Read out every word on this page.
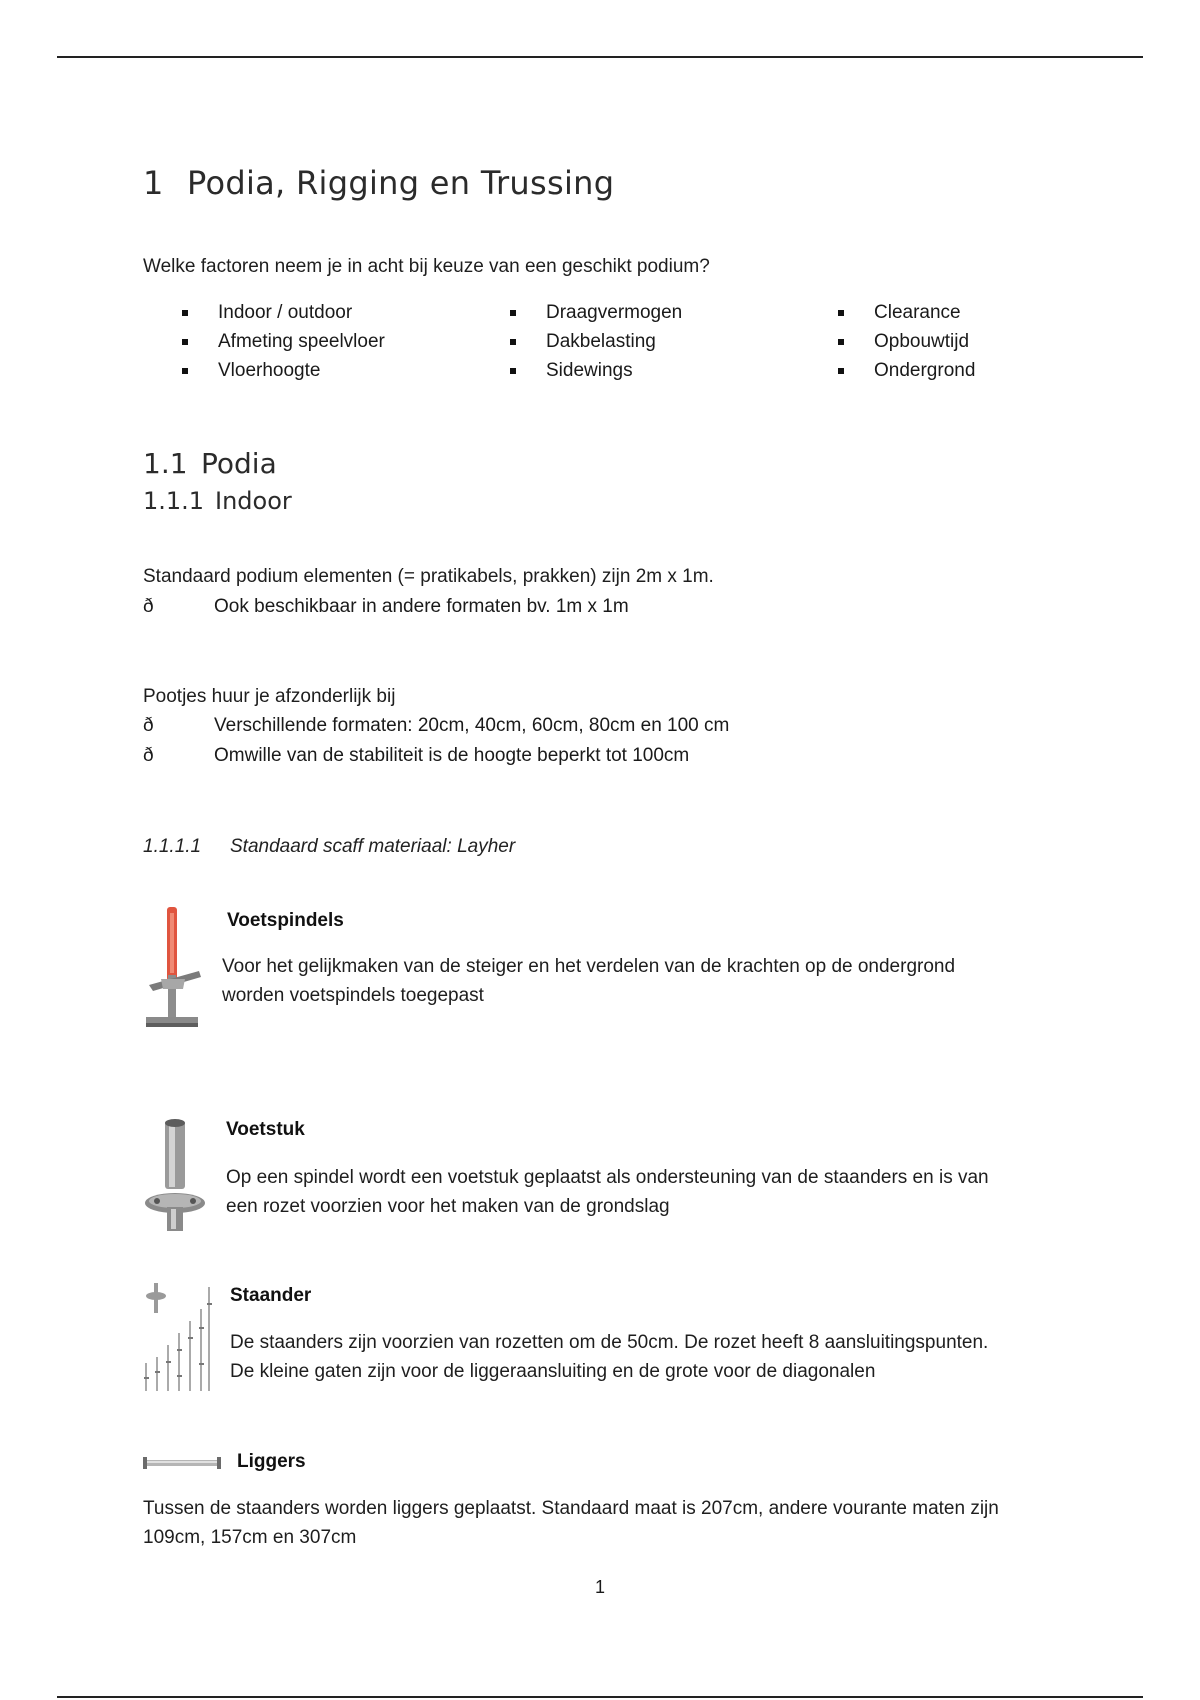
1 Podia, Rigging en Trussing
Welke factoren neem je in acht bij keuze van een geschikt podium?
Indoor / outdoor
Afmeting speelvloer
Vloerhoogte
Draagvermogen
Dakbelasting
Sidewings
Clearance
Opbouwtijd
Ondergrond
1.1 Podia
1.1.1 Indoor
Standaard podium elementen (= pratikabels, prakken) zijn 2m x 1m.
ð	Ook beschikbaar in andere formaten bv. 1m x 1m
Pootjes huur je afzonderlijk bij
ð	Verschillende formaten: 20cm, 40cm, 60cm, 80cm en 100 cm
ð	Omwille van de stabiliteit is de hoogte beperkt tot 100cm
1.1.1.1 Standaard scaff materiaal: Layher
Voetspindels
Voor het gelijkmaken van de steiger en het verdelen van de krachten op de ondergrond
worden voetspindels toegepast
Voetstuk
Op een spindel wordt een voetstuk geplaatst als ondersteuning van de staanders en is van
een rozet voorzien voor het maken van de grondslag
Staander
De staanders zijn voorzien van rozetten om de 50cm. De rozet heeft 8 aansluitingspunten.
De kleine gaten zijn voor de liggeraansluiting en de grote voor de diagonalen
Liggers
Tussen de staanders worden liggers geplaatst. Standaard maat is 207cm, andere vourante maten zijn
109cm, 157cm en 307cm
1
